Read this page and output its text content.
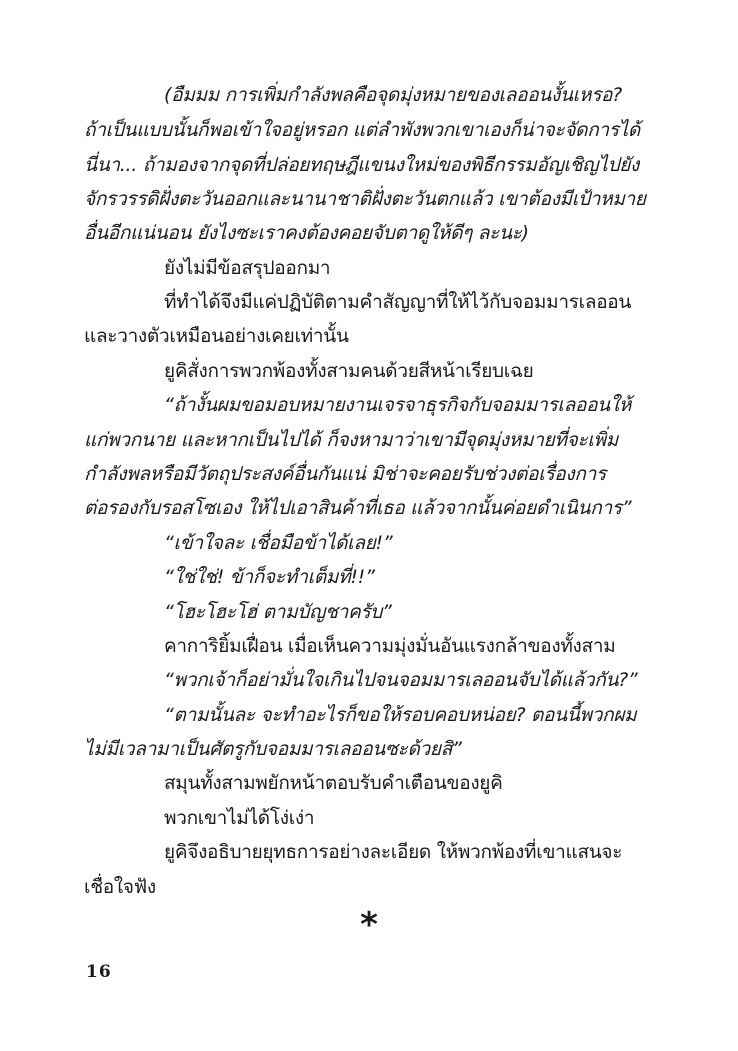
(อืมมม การเพิ่มกำลังพลคือจุดมุ่งหมายของเลออนงั้นเหรอ?
ถ้าเป็นแบบนั้นก็พอเข้าใจอยู่หรอก แต่ลำพังพวกเขาเองก็น่าจะจัดการได้
นี่นา... ถ้ามองจากจุดที่ปล่อยทฤษฎีแขนงใหม่ของพิธีกรรมอัญเชิญไปยัง
จักรวรรดิฝั่งตะวันออกและนานาชาติฝั่งตะวันตกแล้ว เขาต้องมีเป้าหมาย
อื่นอีกแน่นอน ยังไงซะเราคงต้องคอยจับตาดูให้ดีๆ ละนะ)
ยังไม่มีข้อสรุปออกมา
ที่ทำได้จึงมีแค่ปฏิบัติตามคำสัญญาที่ให้ไว้กับจอมมารเลออน
และวางตัวเหมือนอย่างเคยเท่านั้น
ยูคิสั่งการพวกพ้องทั้งสามคนด้วยสีหน้าเรียบเฉย
“ถ้างั้นผมขอมอบหมายงานเจรจาธุรกิจกับจอมมารเลออนให้
แก่พวกนาย และหากเป็นไปได้ ก็จงหามาว่าเขามีจุดมุ่งหมายที่จะเพิ่ม
กำลังพลหรือมีวัตถุประสงค์อื่นกันแน่ มิช่าจะคอยรับช่วงต่อเรื่องการ
ต่อรองกับรอสโซเอง ให้ไปเอาสินค้าที่เธอ แล้วจากนั้นค่อยดำเนินการ”
“เข้าใจละ เชื่อมือข้าได้เลย!”
“ใช่ใช่! ข้าก็จะทำเต็มที่!!”
“โฮะโฮะโฮ่ ตามบัญชาครับ”
คาการิยิ้มเฝื่อน เมื่อเห็นความมุ่งมั่นอันแรงกล้าของทั้งสาม
“พวกเจ้าก็อย่ามั่นใจเกินไปจนจอมมารเลออนจับได้แล้วกัน?”
“ตามนั้นละ จะทำอะไรก็ขอให้รอบคอบหน่อย? ตอนนี้พวกผม
ไม่มีเวลามาเป็นศัตรูกับจอมมารเลออนซะด้วยสิ”
สมุนทั้งสามพยักหน้าตอบรับคำเตือนของยูคิ
พวกเขาไม่ได้โง่เง่า
ยูคิจึงอธิบายยุทธการอย่างละเอียด ให้พวกพ้องที่เขาแสนจะ
เชื่อใจฟัง
*
16
